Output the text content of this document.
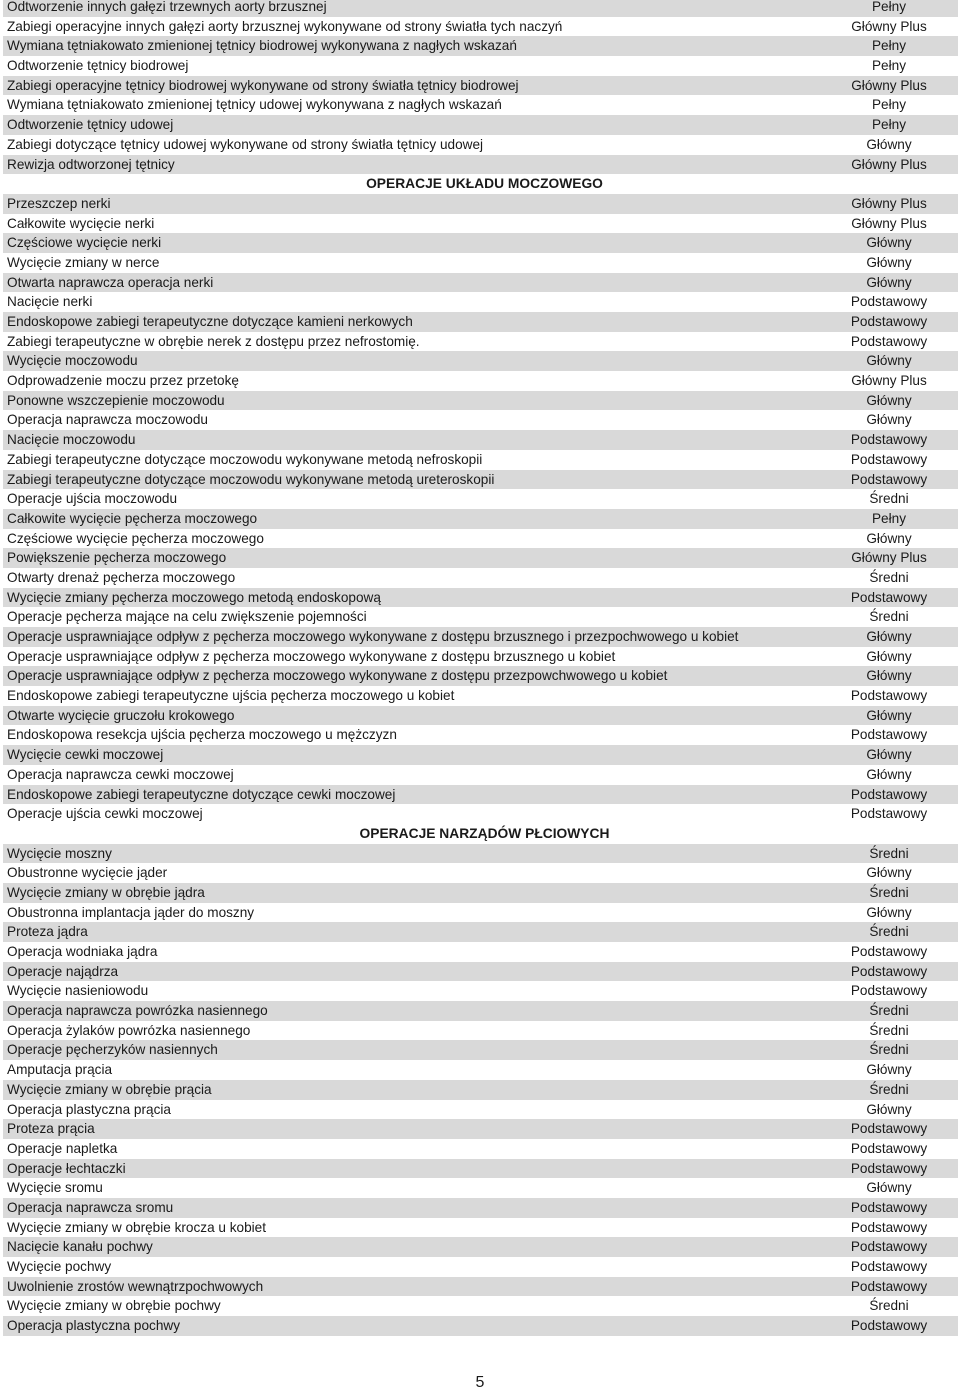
Odtworzenie innych gałęzi trzewnych aorty brzusznej	Pełny
Zabiegi operacyjne innych gałęzi aorty brzusznej wykonywane od strony światła tych naczyń	Główny Plus
Wymiana tętniakowato zmienionej tętnicy biodrowej wykonywana z nagłych wskazań	Pełny
Odtworzenie tętnicy biodrowej	Pełny
Zabiegi operacyjne tętnicy biodrowej wykonywane od strony światła tętnicy biodrowej	Główny Plus
Wymiana tętniakowato zmienionej tętnicy udowej wykonywana z nagłych wskazań	Pełny
Odtworzenie tętnicy udowej	Pełny
Zabiegi dotyczące tętnicy udowej wykonywane od strony światła tętnicy udowej	Główny
Rewizja odtworzonej tętnicy	Główny Plus
OPERACJE UKŁADU MOCZOWEGO
Przeszczep nerki	Główny Plus
Całkowite wycięcie nerki	Główny Plus
Częściowe wycięcie nerki	Główny
Wycięcie zmiany w nerce	Główny
Otwarta naprawcza operacja nerki	Główny
Nacięcie nerki	Podstawowy
Endoskopowe zabiegi terapeutyczne dotyczące kamieni nerkowych	Podstawowy
Zabiegi terapeutyczne w obrębie nerek z dostępu przez nefrostomię.	Podstawowy
Wycięcie moczowodu	Główny
Odprowadzenie moczu przez przetokę	Główny Plus
Ponowne wszczepienie moczowodu	Główny
Operacja naprawcza moczowodu	Główny
Nacięcie moczowodu	Podstawowy
Zabiegi terapeutyczne dotyczące moczowodu wykonywane metodą nefroskopii	Podstawowy
Zabiegi terapeutyczne dotyczące moczowodu wykonywane metodą ureteroskopii	Podstawowy
Operacje ujścia moczowodu	Średni
Całkowite wycięcie pęcherza moczowego	Pełny
Częściowe wycięcie pęcherza moczowego	Główny
Powiększenie pęcherza moczowego	Główny Plus
Otwarty drenaż pęcherza moczowego	Średni
Wycięcie zmiany pęcherza moczowego metodą endoskopową	Podstawowy
Operacje pęcherza mające na celu zwiększenie pojemności	Średni
Operacje usprawniające odpływ z pęcherza moczowego wykonywane z dostępu brzusznego i przezpochwowego u kobiet	Główny
Operacje usprawniające odpływ z pęcherza moczowego wykonywane z dostępu brzusznego u kobiet	Główny
Operacje usprawniające odpływ z pęcherza moczowego wykonywane z dostępu przezpowchwowego u kobiet	Główny
Endoskopowe zabiegi terapeutyczne ujścia pęcherza moczowego u kobiet	Podstawowy
Otwarte wycięcie gruczołu krokowego	Główny
Endoskopowa resekcja ujścia pęcherza moczowego u mężczyzn	Podstawowy
Wycięcie cewki moczowej	Główny
Operacja naprawcza cewki moczowej	Główny
Endoskopowe zabiegi terapeutyczne dotyczące cewki moczowej	Podstawowy
Operacje ujścia cewki moczowej	Podstawowy
OPERACJE NARZĄDÓW PŁCIOWYCH
Wycięcie moszny	Średni
Obustronne wycięcie jąder	Główny
Wycięcie zmiany w obrębie jądra	Średni
Obustronna implantacja jąder do moszny	Główny
Proteza jądra	Średni
Operacja wodniaka jądra	Podstawowy
Operacje najądrza	Podstawowy
Wycięcie nasieniowodu	Podstawowy
Operacja naprawcza powrózka nasiennego	Średni
Operacja żylaków powrózka nasiennego	Średni
Operacje pęcherzyków nasiennych	Średni
Amputacja prącia	Główny
Wycięcie zmiany w obrębie prącia	Średni
Operacja plastyczna prącia	Główny
Proteza prącia	Podstawowy
Operacje napletka	Podstawowy
Operacje łechtaczki	Podstawowy
Wycięcie sromu	Główny
Operacja naprawcza sromu	Podstawowy
Wycięcie zmiany w obrębie krocza u kobiet	Podstawowy
Nacięcie kanału pochwy	Podstawowy
Wycięcie pochwy	Podstawowy
Uwolnienie zrostów wewnątrzpochwowych	Podstawowy
Wycięcie zmiany w obrębie pochwy	Średni
Operacja plastyczna pochwy	Podstawowy
5
